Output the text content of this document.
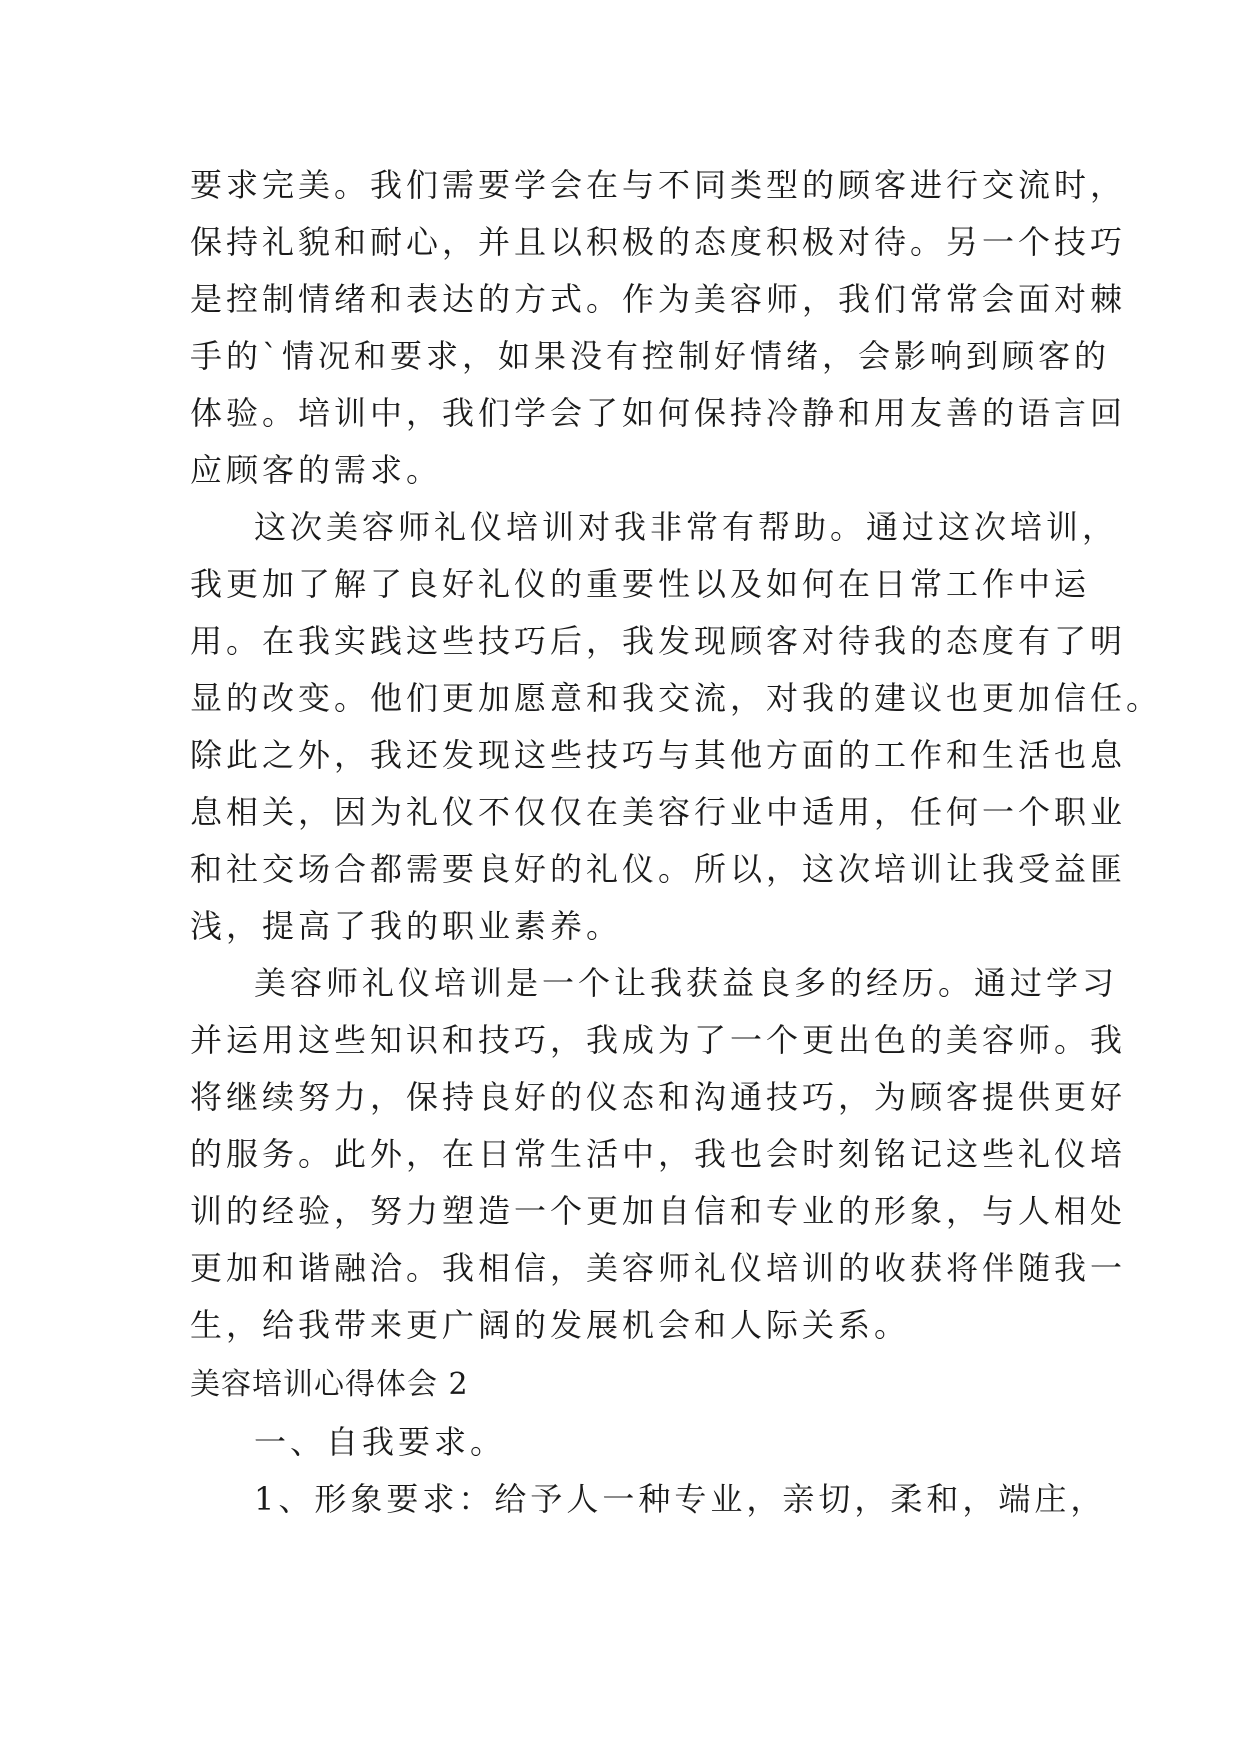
要求完美。我们需要学会在与不同类型的顾客进行交流时，
保持礼貌和耐心，并且以积极的态度积极对待。另一个技巧
是控制情绪和表达的方式。作为美容师，我们常常会面对棘
手的`情况和要求，如果没有控制好情绪，会影响到顾客的
体验。培训中，我们学会了如何保持冷静和用友善的语言回
应顾客的需求。
这次美容师礼仪培训对我非常有帮助。通过这次培训，
我更加了解了良好礼仪的重要性以及如何在日常工作中运
用。在我实践这些技巧后，我发现顾客对待我的态度有了明
显的改变。他们更加愿意和我交流，对我的建议也更加信任。
除此之外，我还发现这些技巧与其他方面的工作和生活也息
息相关，因为礼仪不仅仅在美容行业中适用，任何一个职业
和社交场合都需要良好的礼仪。所以，这次培训让我受益匪
浅，提高了我的职业素养。
美容师礼仪培训是一个让我获益良多的经历。通过学习
并运用这些知识和技巧，我成为了一个更出色的美容师。我
将继续努力，保持良好的仪态和沟通技巧，为顾客提供更好
的服务。此外，在日常生活中，我也会时刻铭记这些礼仪培
训的经验，努力塑造一个更加自信和专业的形象，与人相处
更加和谐融洽。我相信，美容师礼仪培训的收获将伴随我一
生，给我带来更广阔的发展机会和人际关系。
美容培训心得体会 2
一、自我要求。
1、形象要求：给予人一种专业，亲切，柔和，端庄，
